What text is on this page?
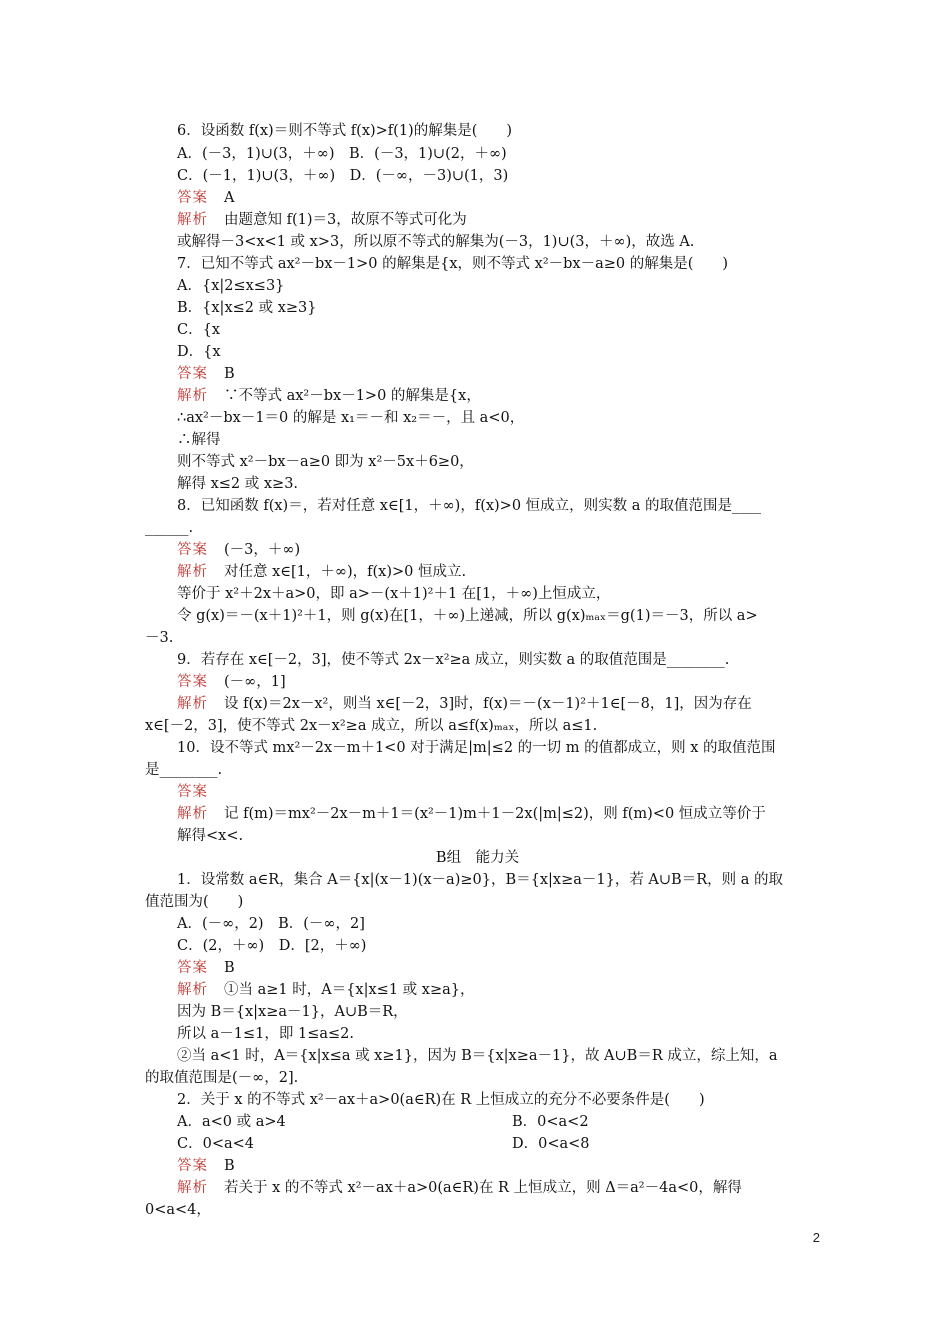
6．设函数 f(x)＝则不等式 f(x)>f(1)的解集是(　　)
A．(－3，1)∪(3，＋∞)　B．(－3，1)∪(2，＋∞)
C．(－1，1)∪(3，＋∞)　D．(－∞，－3)∪(1，3)
答案 A
解析 由题意知 f(1)＝3，故原不等式可化为
或解得－3<x<1 或 x>3，所以原不等式的解集为(－3，1)∪(3，＋∞)，故选 A.
7．已知不等式 ax²－bx－1>0 的解集是{x，则不等式 x²－bx－a≥0 的解集是(　　)
A．{x|2≤x≤3}
B．{x|x≤2 或 x≥3}
C．{x
D．{x
答案 B
解析 ∵不等式 ax²－bx－1>0 的解集是{x，
∴ax²－bx－1＝0 的解是 x₁＝－和 x₂＝－，且 a<0，
∴解得
则不等式 x²－bx－a≥0 即为 x²－5x＋6≥0，
解得 x≤2 或 x≥3.
8．已知函数 f(x)＝，若对任意 x∈[1，＋∞)，f(x)>0 恒成立，则实数 a 的取值范围是____
______.
答案 (－3，＋∞)
解析 对任意 x∈[1，＋∞)，f(x)>0 恒成立.
等价于 x²＋2x＋a>0，即 a>－(x＋1)²＋1 在[1，＋∞)上恒成立，
令 g(x)＝－(x＋1)²＋1，则 g(x)在[1，＋∞)上递减，所以 g(x)ₘₐₓ＝g(1)＝－3，所以 a>
－3.
9．若存在 x∈[－2，3]，使不等式 2x－x²≥a 成立，则实数 a 的取值范围是________.
答案 (－∞，1]
解析 设 f(x)＝2x－x²，则当 x∈[－2，3]时，f(x)＝－(x－1)²＋1∈[－8，1]，因为存在
x∈[－2，3]，使不等式 2x－x²≥a 成立，所以 a≤f(x)ₘₐₓ，所以 a≤1.
10．设不等式 mx²－2x－m＋1<0 对于满足|m|≤2 的一切 m 的值都成立，则 x 的取值范围
是________.
答案
解析 记 f(m)＝mx²－2x－m＋1＝(x²－1)m＋1－2x(|m|≤2)，则 f(m)<0 恒成立等价于
解得<x<.
B组　能力关
1．设常数 a∈R，集合 A＝{x|(x－1)(x－a)≥0}，B＝{x|x≥a－1}，若 A∪B＝R，则 a 的取
值范围为(　　)
A．(－∞，2)　B．(－∞，2]
C．(2，＋∞)　D．[2，＋∞)
答案 B
解析 ①当 a≥1 时，A＝{x|x≤1 或 x≥a}，
因为 B＝{x|x≥a－1}，A∪B＝R，
所以 a－1≤1，即 1≤a≤2.
②当 a<1 时，A＝{x|x≤a 或 x≥1}，因为 B＝{x|x≥a－1}，故 A∪B＝R 成立，综上知，a
的取值范围是(－∞，2].
2．关于 x 的不等式 x²－ax＋a>0(a∈R)在 R 上恒成立的充分不必要条件是(　　)
A．a<0 或 a>4	B．0<a<2
C．0<a<4	D．0<a<8
答案 B
解析 若关于 x 的不等式 x²－ax＋a>0(a∈R)在 R 上恒成立，则 Δ＝a²－4a<0，解得
0<a<4，
2
